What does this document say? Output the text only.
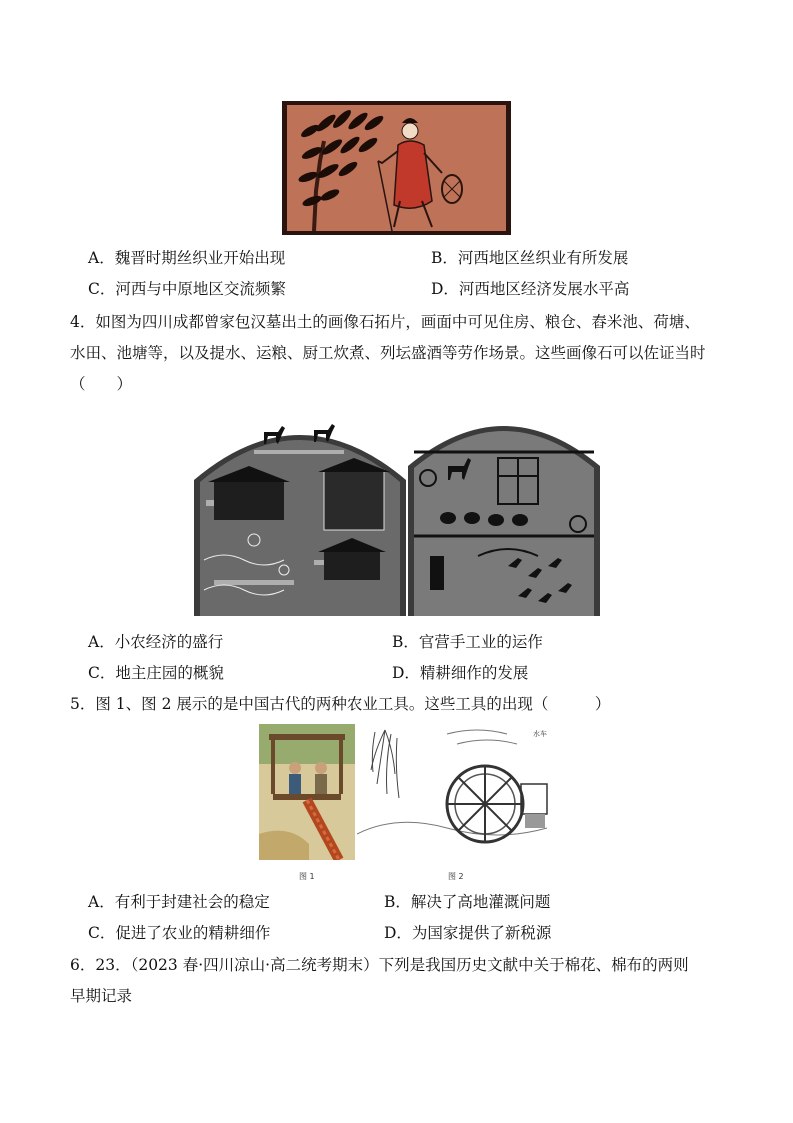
A．魏晋时期丝织业开始出现	B．河西地区丝织业有所发展
C．河西与中原地区交流频繁	D．河西地区经济发展水平高
4．如图为四川成都曾家包汉墓出土的画像石拓片，画面中可见住房、粮仓、舂米池、荷塘、
水田、池塘等，以及提水、运粮、厨工炊煮、列坛盛酒等劳作场景。这些画像石可以佐证当时
（　　）
A．小农经济的盛行	B．官营手工业的运作
C．地主庄园的概貌	D．精耕细作的发展
5．图 1、图 2 展示的是中国古代的两种农业工具。这些工具的出现（　　　）
水车
图 1	图 2
A．有利于封建社会的稳定	B．解决了高地灌溉问题
C．促进了农业的精耕细作	D．为国家提供了新税源
6．23．（2023 春·四川凉山·高二统考期末）下列是我国历史文献中关于棉花、棉布的两则
早期记录
